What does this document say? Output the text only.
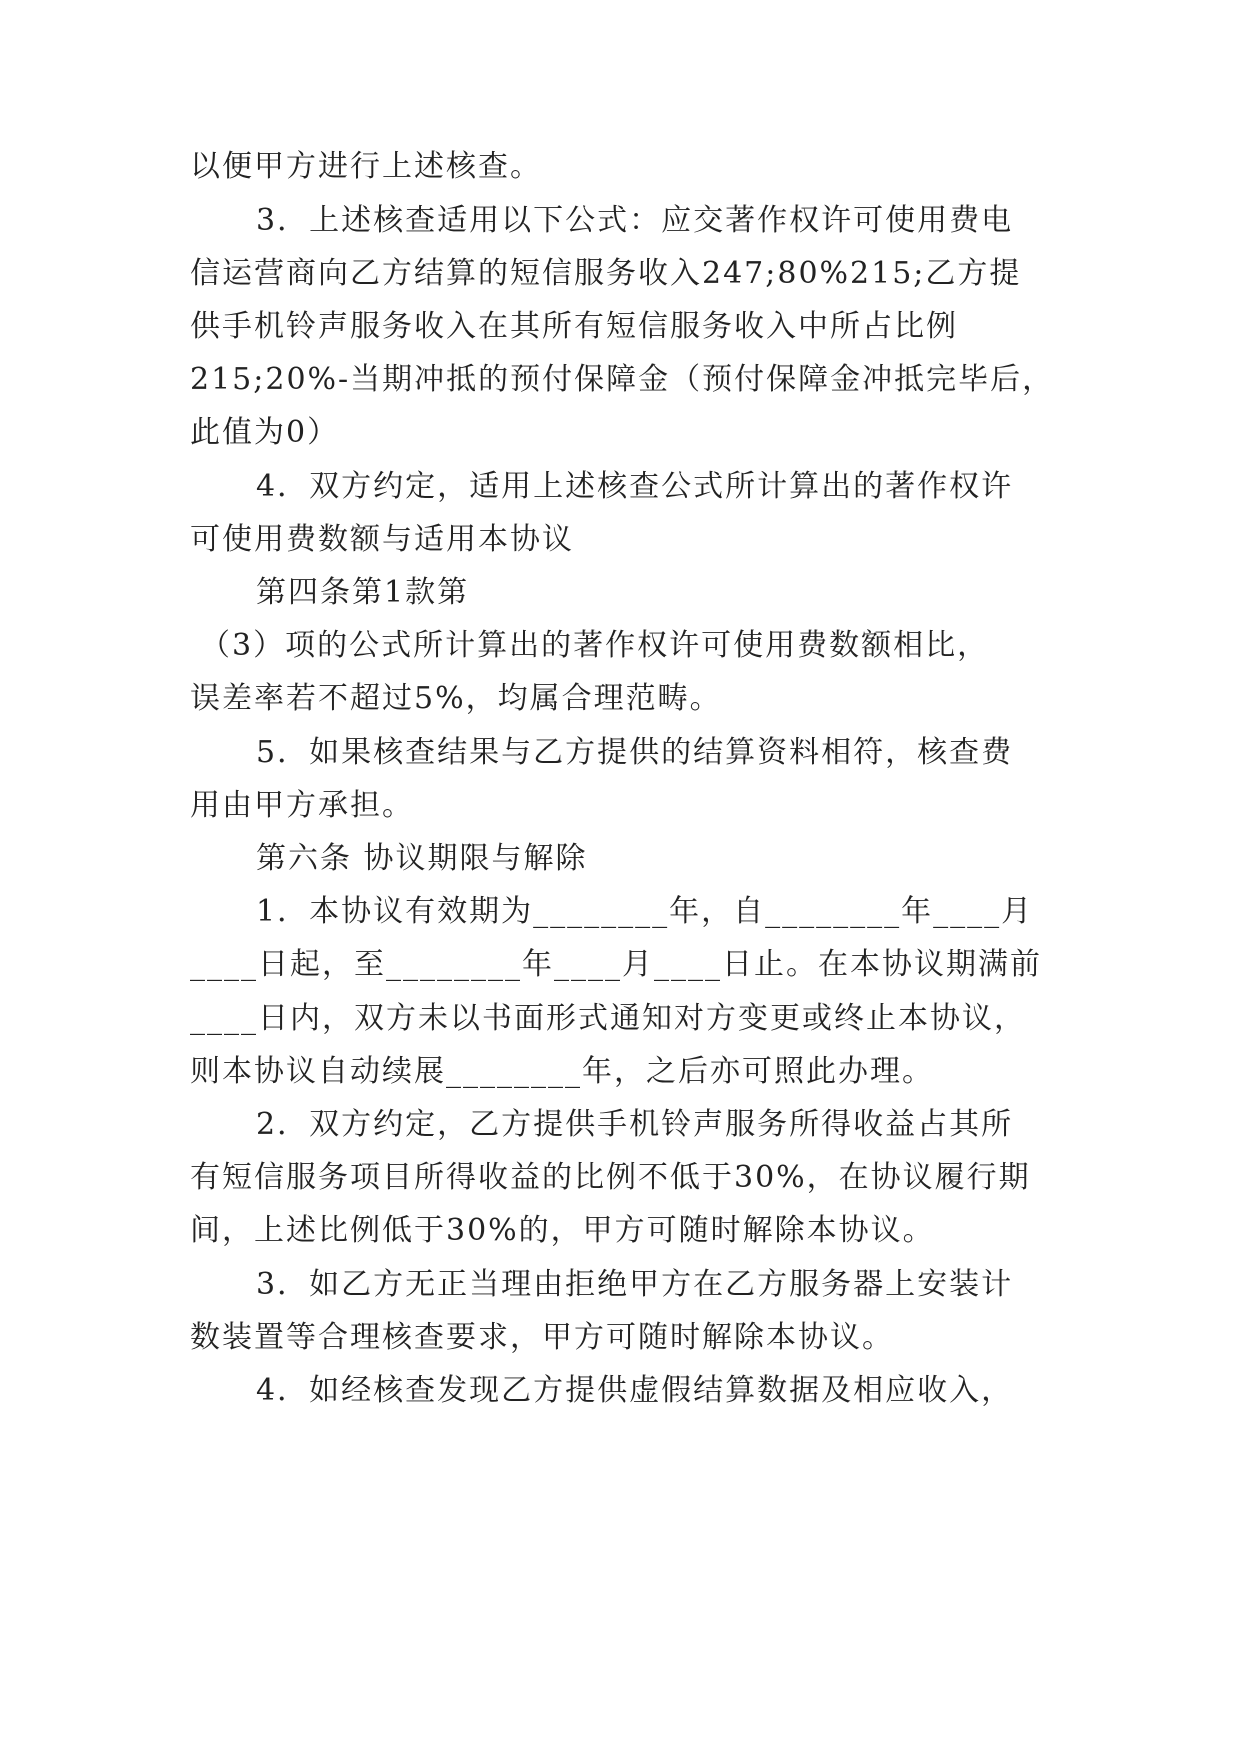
以便甲方进行上述核查。
3．上述核查适用以下公式：应交著作权许可使用费电
信运营商向乙方结算的短信服务收入247;80%215;乙方提
供手机铃声服务收入在其所有短信服务收入中所占比例
215;20%-当期冲抵的预付保障金（预付保障金冲抵完毕后，
此值为0）
4．双方约定，适用上述核查公式所计算出的著作权许
可使用费数额与适用本协议
第四条第1款第
（3）项的公式所计算出的著作权许可使用费数额相比，
误差率若不超过5%，均属合理范畴。
5．如果核查结果与乙方提供的结算资料相符，核查费
用由甲方承担。
第六条 协议期限与解除
1．本协议有效期为________年，自________年____月
____日起，至________年____月____日止。在本协议期满前
____日内，双方未以书面形式通知对方变更或终止本协议，
则本协议自动续展________年，之后亦可照此办理。
2．双方约定，乙方提供手机铃声服务所得收益占其所
有短信服务项目所得收益的比例不低于30%，在协议履行期
间，上述比例低于30%的，甲方可随时解除本协议。
3．如乙方无正当理由拒绝甲方在乙方服务器上安装计
数装置等合理核查要求，甲方可随时解除本协议。
4．如经核查发现乙方提供虚假结算数据及相应收入，
